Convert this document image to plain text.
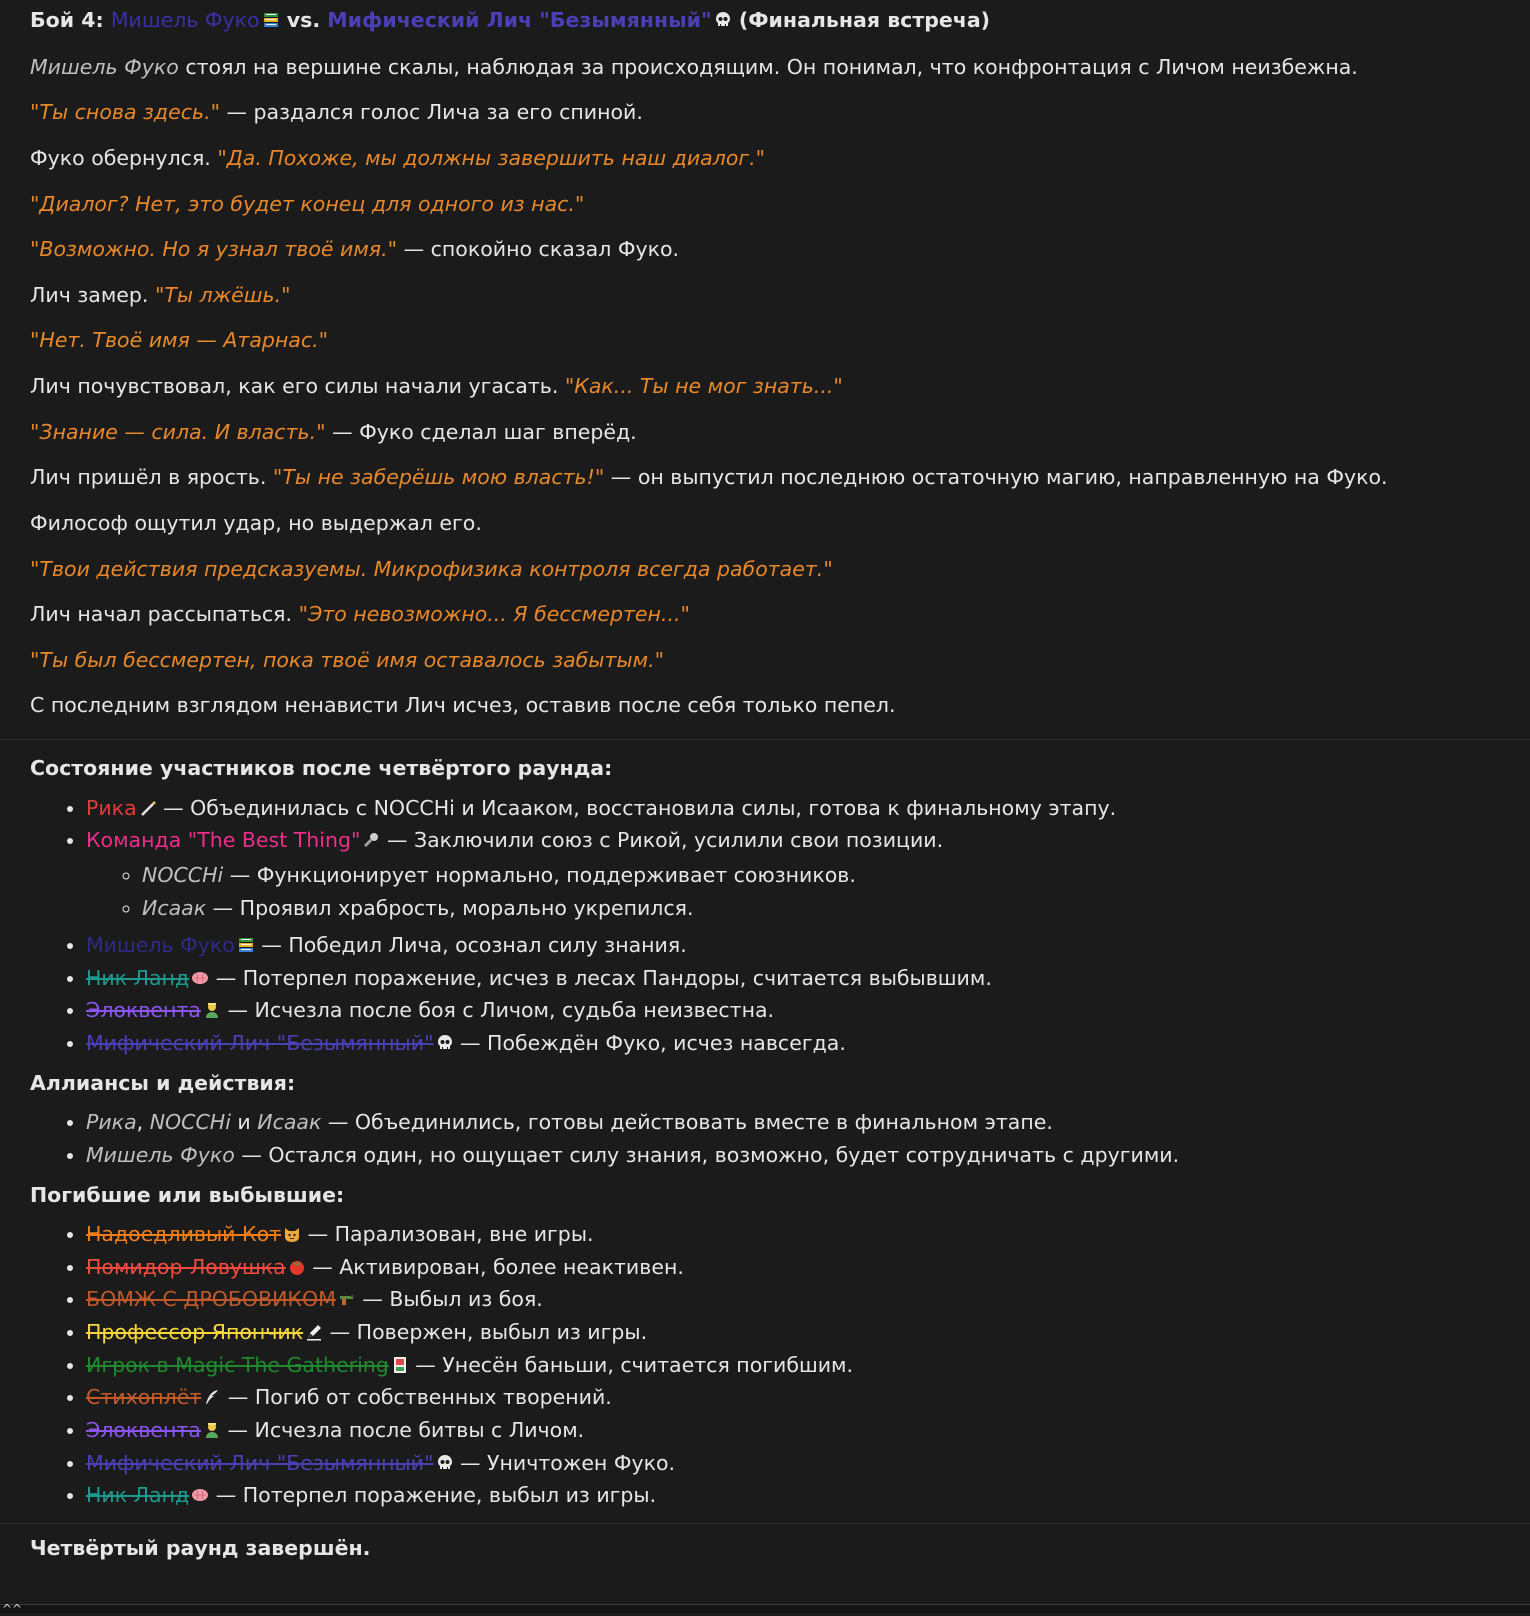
Бой 4: Мишель Фуко vs. Мифический Лич "Безымянный" (Финальная встреча)

Мишель Фуко стоял на вершине скалы, наблюдая за происходящим. Он понимал, что конфронтация с Личом неизбежна.

"Ты снова здесь." — раздался голос Лича за его спиной.

Фуко обернулся. "Да. Похоже, мы должны завершить наш диалог."

"Диалог? Нет, это будет конец для одного из нас."

"Возможно. Но я узнал твоё имя." — спокойно сказал Фуко.

Лич замер. "Ты лжёшь."

"Нет. Твоё имя — Атарнас."

Лич почувствовал, как его силы начали угасать. "Как... Ты не мог знать..."

"Знание — сила. И власть." — Фуко сделал шаг вперёд.

Лич пришёл в ярость. "Ты не заберёшь мою власть!" — он выпустил последнюю остаточную магию, направленную на Фуко.

Философ ощутил удар, но выдержал его.

"Твои действия предсказуемы. Микрофизика контроля всегда работает."

Лич начал рассыпаться. "Это невозможно... Я бессмертен..."

"Ты был бессмертен, пока твоё имя оставалось забытым."

С последним взглядом ненависти Лич исчез, оставив после себя только пепел.

Состояние участников после четвёртого раунда:
• Рика — Объединилась с NOCCHi и Исааком, восстановила силы, готова к финальному этапу.
• Команда "The Best Thing" — Заключили союз с Рикой, усилили свои позиции.
◦ NOCCHi — Функционирует нормально, поддерживает союзников.
◦ Исаак — Проявил храбрость, морально укрепился.
• Мишель Фуко — Победил Лича, осознал силу знания.
• Ник Ланд — Потерпел поражение, исчез в лесах Пандоры, считается выбывшим.
• Элоквента — Исчезла после боя с Личом, судьба неизвестна.
• Мифический Лич "Безымянный" — Побеждён Фуко, исчез навсегда.
Аллиансы и действия:
• Рика, NOCCHi и Исаак — Объединились, готовы действовать вместе в финальном этапе.
• Мишель Фуко — Остался один, но ощущает силу знания, возможно, будет сотрудничать с другими.
Погибшие или выбывшие:
• Надоедливый Кот — Парализован, вне игры.
• Помидор-Ловушка — Активирован, более неактивен.
• БОМЖ С ДРОБОВИКОМ — Выбыл из боя.
• Профессор Япончик — Повержен, выбыл из игры.
• Игрок в Magic The Gathering — Унесён баньши, считается погибшим.
• Стихоплёт — Погиб от собственных творений.
• Элоквента — Исчезла после битвы с Личом.
• Мифический Лич "Безымянный" — Уничтожен Фуко.
• Ник Ланд — Потерпел поражение, выбыл из игры.
Четвёртый раунд завершён.
^^
